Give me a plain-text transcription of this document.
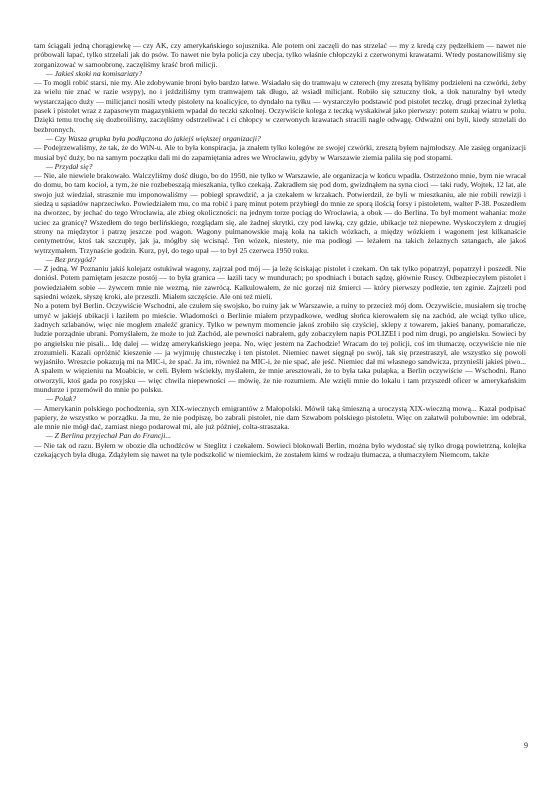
tam ściągali jedną chorągiewkę — czy AK, czy amerykańskiego sojusznika. Ale potem oni zaczęli do nas strzelać — my z kredą czy pędzelkiem — nawet nie próbowali łapać, tylko strzelali jak do psów. To nawet nie była policja czy ubecja, tylko właśnie chłopczyki z czerwonymi krawatami. Wtedy postanowiliśmy się zorganizować w samoobronę, zaczęliśmy kraść broń milicji.

— Jakieś skoki na komisariaty?

— To mogli robić starsi, nie my. Ale zdobywanie broni było bardzo łatwe. Wsiadało się do tramwaju w czterech (my zresztą byliśmy podzieleni na czwórki, żeby za wielu nie znać w razie wsypy), no i jeździliśmy tym tramwajem tak długo, aż wsiadł milicjant. Robiło się sztuczny tłok, a tłok naturalny był wtedy wystarczająco duży — milicjanci nosili wtedy pistolety na koalicyjce, to dyndało na tyłku — wystarczyło podstawić pod pistolet teczkę, drugi przecinał żyletką pasek i pistolet wraz z zapasowym magazynkiem wpadał do teczki szkolnej. Oczywiście kolega z teczką wyskakiwał jako pierwszy: potem szukaj wiatru w polu. Dzięki temu trochę się dozbroiliśmy, zaczęliśmy odstrzeliwać i ci chłopcy w czerwonych krawatach stracili nagle odwagę. Odważni oni byli, kiedy strzelali do bezbronnych.

— Czy Wasza grupka była podłączona do jakiejś większej organizacji?

— Podejrzewaliśmy, że tak, że do WiN-u. Ale to była konspiracja, ja znałem tylko kolegów ze swojej czwórki, zresztą byłem najmłodszy. Ale zasięg organizacji musiał być duży, bo na samym początku dali mi do zapamiętania adres we Wrocławiu, gdyby w Warszawie ziemia paliła się pod stopami.

— Przydał się?

— Nie, ale niewiele brakowało. Walczyliśmy dość długo, bo do 1950, nie tylko w Warszawie, ale organizacja w końcu wpadła. Ostrzeżono mnie, bym nie wracał do domu, bo tam kocioł, a tym, że nie rozbebeszają mieszkania, tylko czekają. Zakradłem się pod dom, gwizdnąłem na syna cioci — taki rudy, Wojtek, 12 lat, ale swojo już wiedział, strasznie mu imponowaliśmy — pobiegł sprawdzić, a ja czekałem w krzakach. Potwierdził, że byli w mieszkaniu, ale nie robili rewizji i siedzą u sąsiadów naprzeciwko. Powiedziałem mu, co ma robić i parę minut potem przybiegł do mnie ze sporą ilością forsy i pistoletem, walter P-38. Poszedłem na dworzec, by jechać do tego Wrocławia, ale zbieg okoliczności: na jednym torze pociąg do Wrocławia, a obok — do Berlina. To był moment wahania: może uciec za granicę? Wszedłem do tego berlińskiego, rozglądam się, ale żadnej skrytki, czy pod ławką, czy gdzie, ubikacje też niepewne. Wyskoczyłem z drugiej strony na międzytor i patrzę jeszcze pod wagon. Wagony pulmanowskie mają koła na takich wózkach, a między wózkiem i wagonem jest kilkanaście centymetrów, ktoś tak szczupły, jak ja, mógłby się wcisnąć. Ten wózek, niestety, nie ma podłogi — leżałem na takich żelaznych sztangach, ale jakoś wytrzymałem. Trzynaście godzin. Kurz, pył, do tego upał — to był 25 czerwca 1950 roku.

— Bez przygód?

— Z jedną. W Poznaniu jakiś kolejarz ostukiwał wagony, zajrzał pod mój — ja leżę ściskając pistolet i czekam. On tak tylko popatrzył, popatrzył i poszedł. Nie doniósł. Potem pamiętam jeszcze postój — to była granica — łazili tacy w mundurach; po spodniach i butach sądzę, głównie Ruscy. Odbezpieczyłem pistolet i powiedziałem sobie — żywcem mnie nie wezmą, nie zawrócą. Kalkulowałem, że nic gorzej niż śmierci — który pierwszy podlezie, ten zginie. Zajrzeli pod sąsiedni wózek, słyszę kroki, ale przeszli. Miałem szczęście. Ale oni też mieli.

No a potem był Berlin. Oczywiście Wschodni, ale czułem się swojsko, bo ruiny jak w Warszawie, a ruiny to przecież mój dom. Oczywiście, musiałem się trochę umyć w jakiejś ubikacji i łaziłem po mieście. Wiadomości o Berlinie miałem przypadkowe, według słońca kierowałem się na zachód, ale wciąż tylko ulice, żadnych szlabanów, więc nie mogłem znaleźć granicy. Tylko w pewnym momencie jakoś zrobiło się czyściej, sklepy z towarem, jakieś banany, pomarańcze, ludzie porządnie ubrani. Pomyślałem, że może to już Zachód, ale pewności nabrałem, gdy zobaczyłem napis POLIZEI i pod nim drugi, po angielsku. Sowieci by po angielsku nie pisali... Idę dalej — widzę amerykańskiego jeepa. No, więc jestem na Zachodzie! Wracam do tej policji, coś im tłumaczę, oczywiście nie nie zrozumieli. Kazali opróżnić kieszenie — ja wyjmuję chusteczkę i ten pistolet. Niemiec nawet sięgnął po swój, tak się przestraszył, ale wszystko się powoli wyjaśniło. Wreszcie pokazują mi na MIC-i, że spać. Ja im, również na MIC-i, że nie spać, ale jeść. Niemiec dał mi własnego sandwicza, przynieśli jakieś piwo... A spałem w więzieniu na Moabicie, w celi. Byłem wściekły, myślałem, że mnie aresztowali, że to była taka pułapka, a Berlin oczywiście — Wschodni. Rano otworzyli, ktoś gada po rosyjsku — więc chwila niepewności — mówię, że nie rozumiem. Ale wzięli mnie do lokalu i tam przyszedł oficer w amerykańskim mundurze i przemówił do mnie po polsku.

— Polak?

— Amerykanin polskiego pochodzenia, syn XIX-wiecznych emigrantów z Małopolski. Mówił taką śmieszną a uroczystą XIX-wieczną mową... Kazał podpisać papiery, że wszystko w porządku. Ja mu, że nie podpiszę, bo zabrali pistolet, nie dam Szwabom polskiego pistoletu. Więc on załatwił polubownie: im odebrał, ale mnie nie mógł dać, zamiast niego podarował mi, ale już później, colta-straszaka.

— Z Berlina przyjechał Pan do Francji...

— Nie tak od razu. Byłem w obozie dla uchodźców w Steglitz i czekałem. Sowieci blokowali Berlin, można było wydostać się tylko drogą powietrzną, kolejka czekających była długa. Zdążyłem się nawet na tyle podszkolić w niemieckim, że zostałem kimś w rodzaju tłumacza, a tłumaczyłem Niemcom, także

9
